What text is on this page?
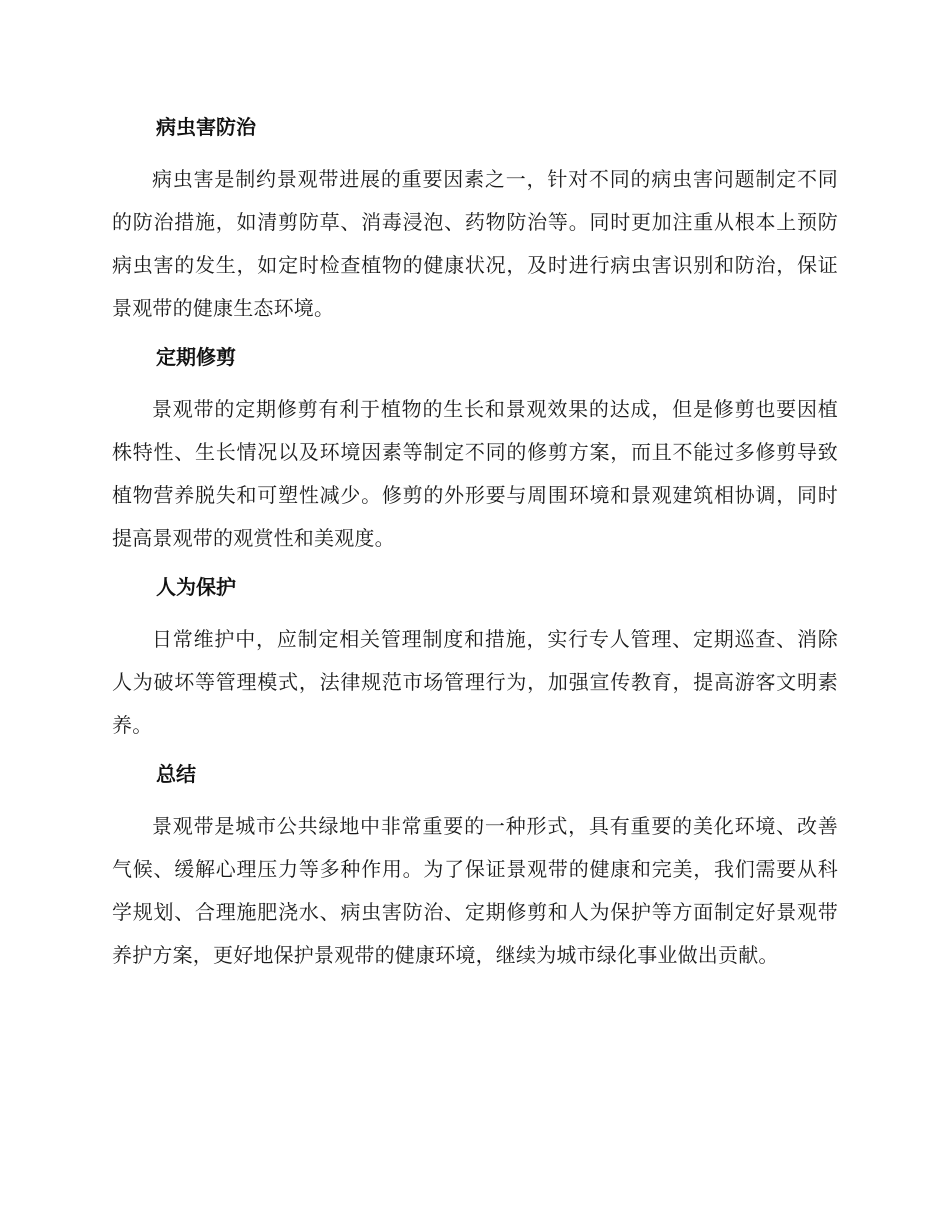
病虫害防治

病虫害是制约景观带进展的重要因素之一，针对不同的病虫害问题制定不同的防治措施，如清剪防草、消毒浸泡、药物防治等。同时更加注重从根本上预防病虫害的发生，如定时检查植物的健康状况，及时进行病虫害识别和防治，保证景观带的健康生态环境。

定期修剪

景观带的定期修剪有利于植物的生长和景观效果的达成，但是修剪也要因植株特性、生长情况以及环境因素等制定不同的修剪方案，而且不能过多修剪导致植物营养脱失和可塑性减少。修剪的外形要与周围环境和景观建筑相协调，同时提高景观带的观赏性和美观度。

人为保护

日常维护中，应制定相关管理制度和措施，实行专人管理、定期巡查、消除人为破坏等管理模式，法律规范市场管理行为，加强宣传教育，提高游客文明素养。

总结

景观带是城市公共绿地中非常重要的一种形式，具有重要的美化环境、改善气候、缓解心理压力等多种作用。为了保证景观带的健康和完美，我们需要从科学规划、合理施肥浇水、病虫害防治、定期修剪和人为保护等方面制定好景观带养护方案，更好地保护景观带的健康环境，继续为城市绿化事业做出贡献。
